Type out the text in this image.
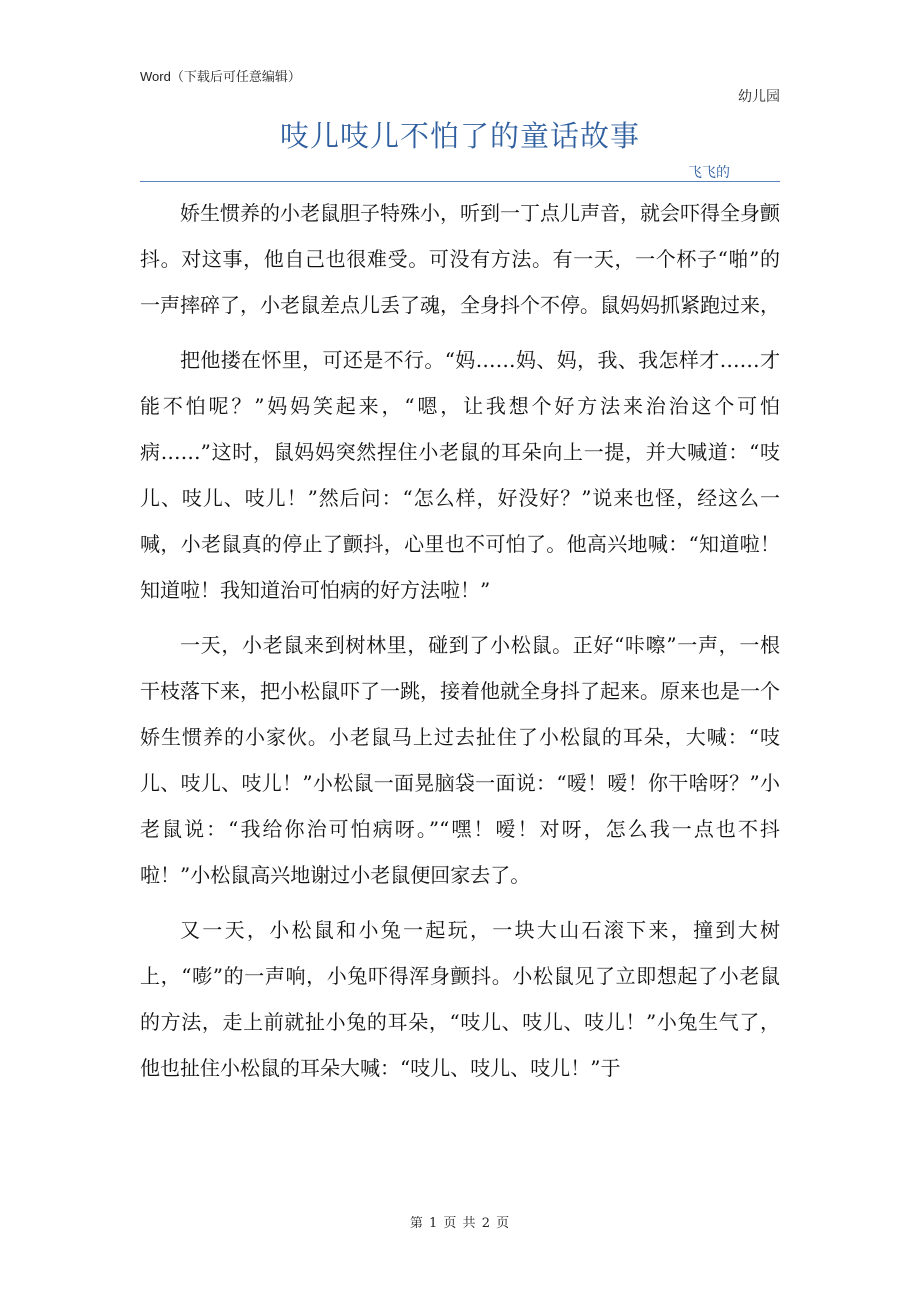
Word（下载后可任意编辑）
幼儿园
吱儿吱儿不怕了的童话故事
飞飞的

娇生惯养的小老鼠胆子特殊小，听到一丁点儿声音，就会吓得全身颤抖。对这事，他自己也很难受。可没有方法。有一天，一个杯子“啪”的一声摔碎了，小老鼠差点儿丢了魂，全身抖个不停。鼠妈妈抓紧跑过来，

把他搂在怀里，可还是不行。“妈……妈、妈，我、我怎样才……才能不怕呢？”妈妈笑起来，“嗯，让我想个好方法来治治这个可怕病……”这时，鼠妈妈突然捏住小老鼠的耳朵向上一提，并大喊道：“吱儿、吱儿、吱儿！”然后问：“怎么样，好没好？”说来也怪，经这么一喊，小老鼠真的停止了颤抖，心里也不可怕了。他高兴地喊：“知道啦！知道啦！我知道治可怕病的好方法啦！”

一天，小老鼠来到树林里，碰到了小松鼠。正好“咔嚓”一声，一根干枝落下来，把小松鼠吓了一跳，接着他就全身抖了起来。原来也是一个娇生惯养的小家伙。小老鼠马上过去扯住了小松鼠的耳朵，大喊：“吱儿、吱儿、吱儿！”小松鼠一面晃脑袋一面说：“嗳！嗳！你干啥呀？”小老鼠说：“我给你治可怕病呀。”“嘿！嗳！对呀，怎么我一点也不抖啦！”小松鼠高兴地谢过小老鼠便回家去了。

又一天，小松鼠和小兔一起玩，一块大山石滚下来，撞到大树上，“嘭”的一声响，小兔吓得浑身颤抖。小松鼠见了立即想起了小老鼠的方法，走上前就扯小兔的耳朵，“吱儿、吱儿、吱儿！”小兔生气了，他也扯住小松鼠的耳朵大喊：“吱儿、吱儿、吱儿！”于

第 1 页 共 2 页
